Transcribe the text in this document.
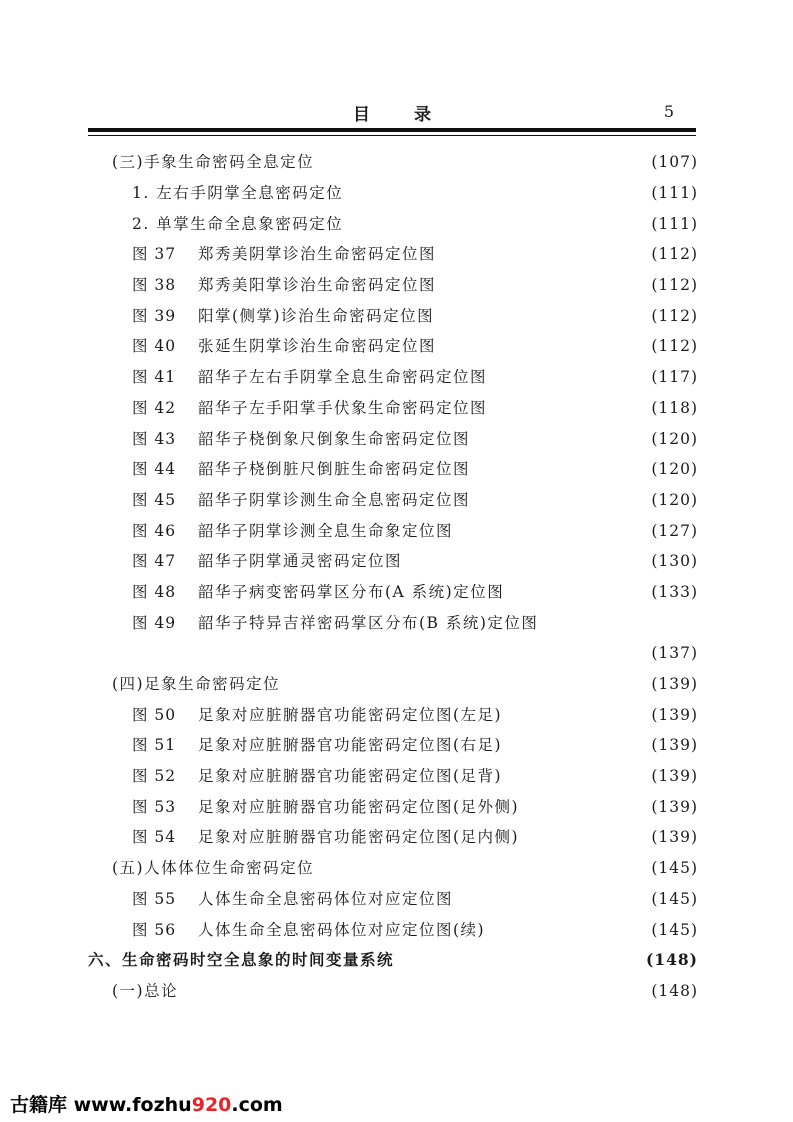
目录	5
(三)手象生命密码全息定位	(107)
1. 左右手阴掌全息密码定位	(111)
2. 单掌生命全息象密码定位	(111)
图 37	郑秀美阴掌诊治生命密码定位图	(112)
图 38	郑秀美阳掌诊治生命密码定位图	(112)
图 39	阳掌(侧掌)诊治生命密码定位图	(112)
图 40	张延生阴掌诊治生命密码定位图	(112)
图 41	韶华子左右手阴掌全息生命密码定位图	(117)
图 42	韶华子左手阳掌手伏象生命密码定位图	(118)
图 43	韶华子桡倒象尺倒象生命密码定位图	(120)
图 44	韶华子桡倒脏尺倒脏生命密码定位图	(120)
图 45	韶华子阴掌诊测生命全息密码定位图	(120)
图 46	韶华子阴掌诊测全息生命象定位图	(127)
图 47	韶华子阴掌通灵密码定位图	(130)
图 48	韶华子病变密码掌区分布(A 系统)定位图	(133)
图 49	韶华子特异吉祥密码掌区分布(B 系统)定位图
(137)
(四)足象生命密码定位	(139)
图 50	足象对应脏腑器官功能密码定位图(左足)	(139)
图 51	足象对应脏腑器官功能密码定位图(右足)	(139)
图 52	足象对应脏腑器官功能密码定位图(足背)	(139)
图 53	足象对应脏腑器官功能密码定位图(足外侧)	(139)
图 54	足象对应脏腑器官功能密码定位图(足内侧)	(139)
(五)人体体位生命密码定位	(145)
图 55	人体生命全息密码体位对应定位图	(145)
图 56	人体生命全息密码体位对应定位图(续)	(145)
六、生命密码时空全息象的时间变量系统	(148)
(一)总论	(148)
古籍库 www.fozhu920.com
